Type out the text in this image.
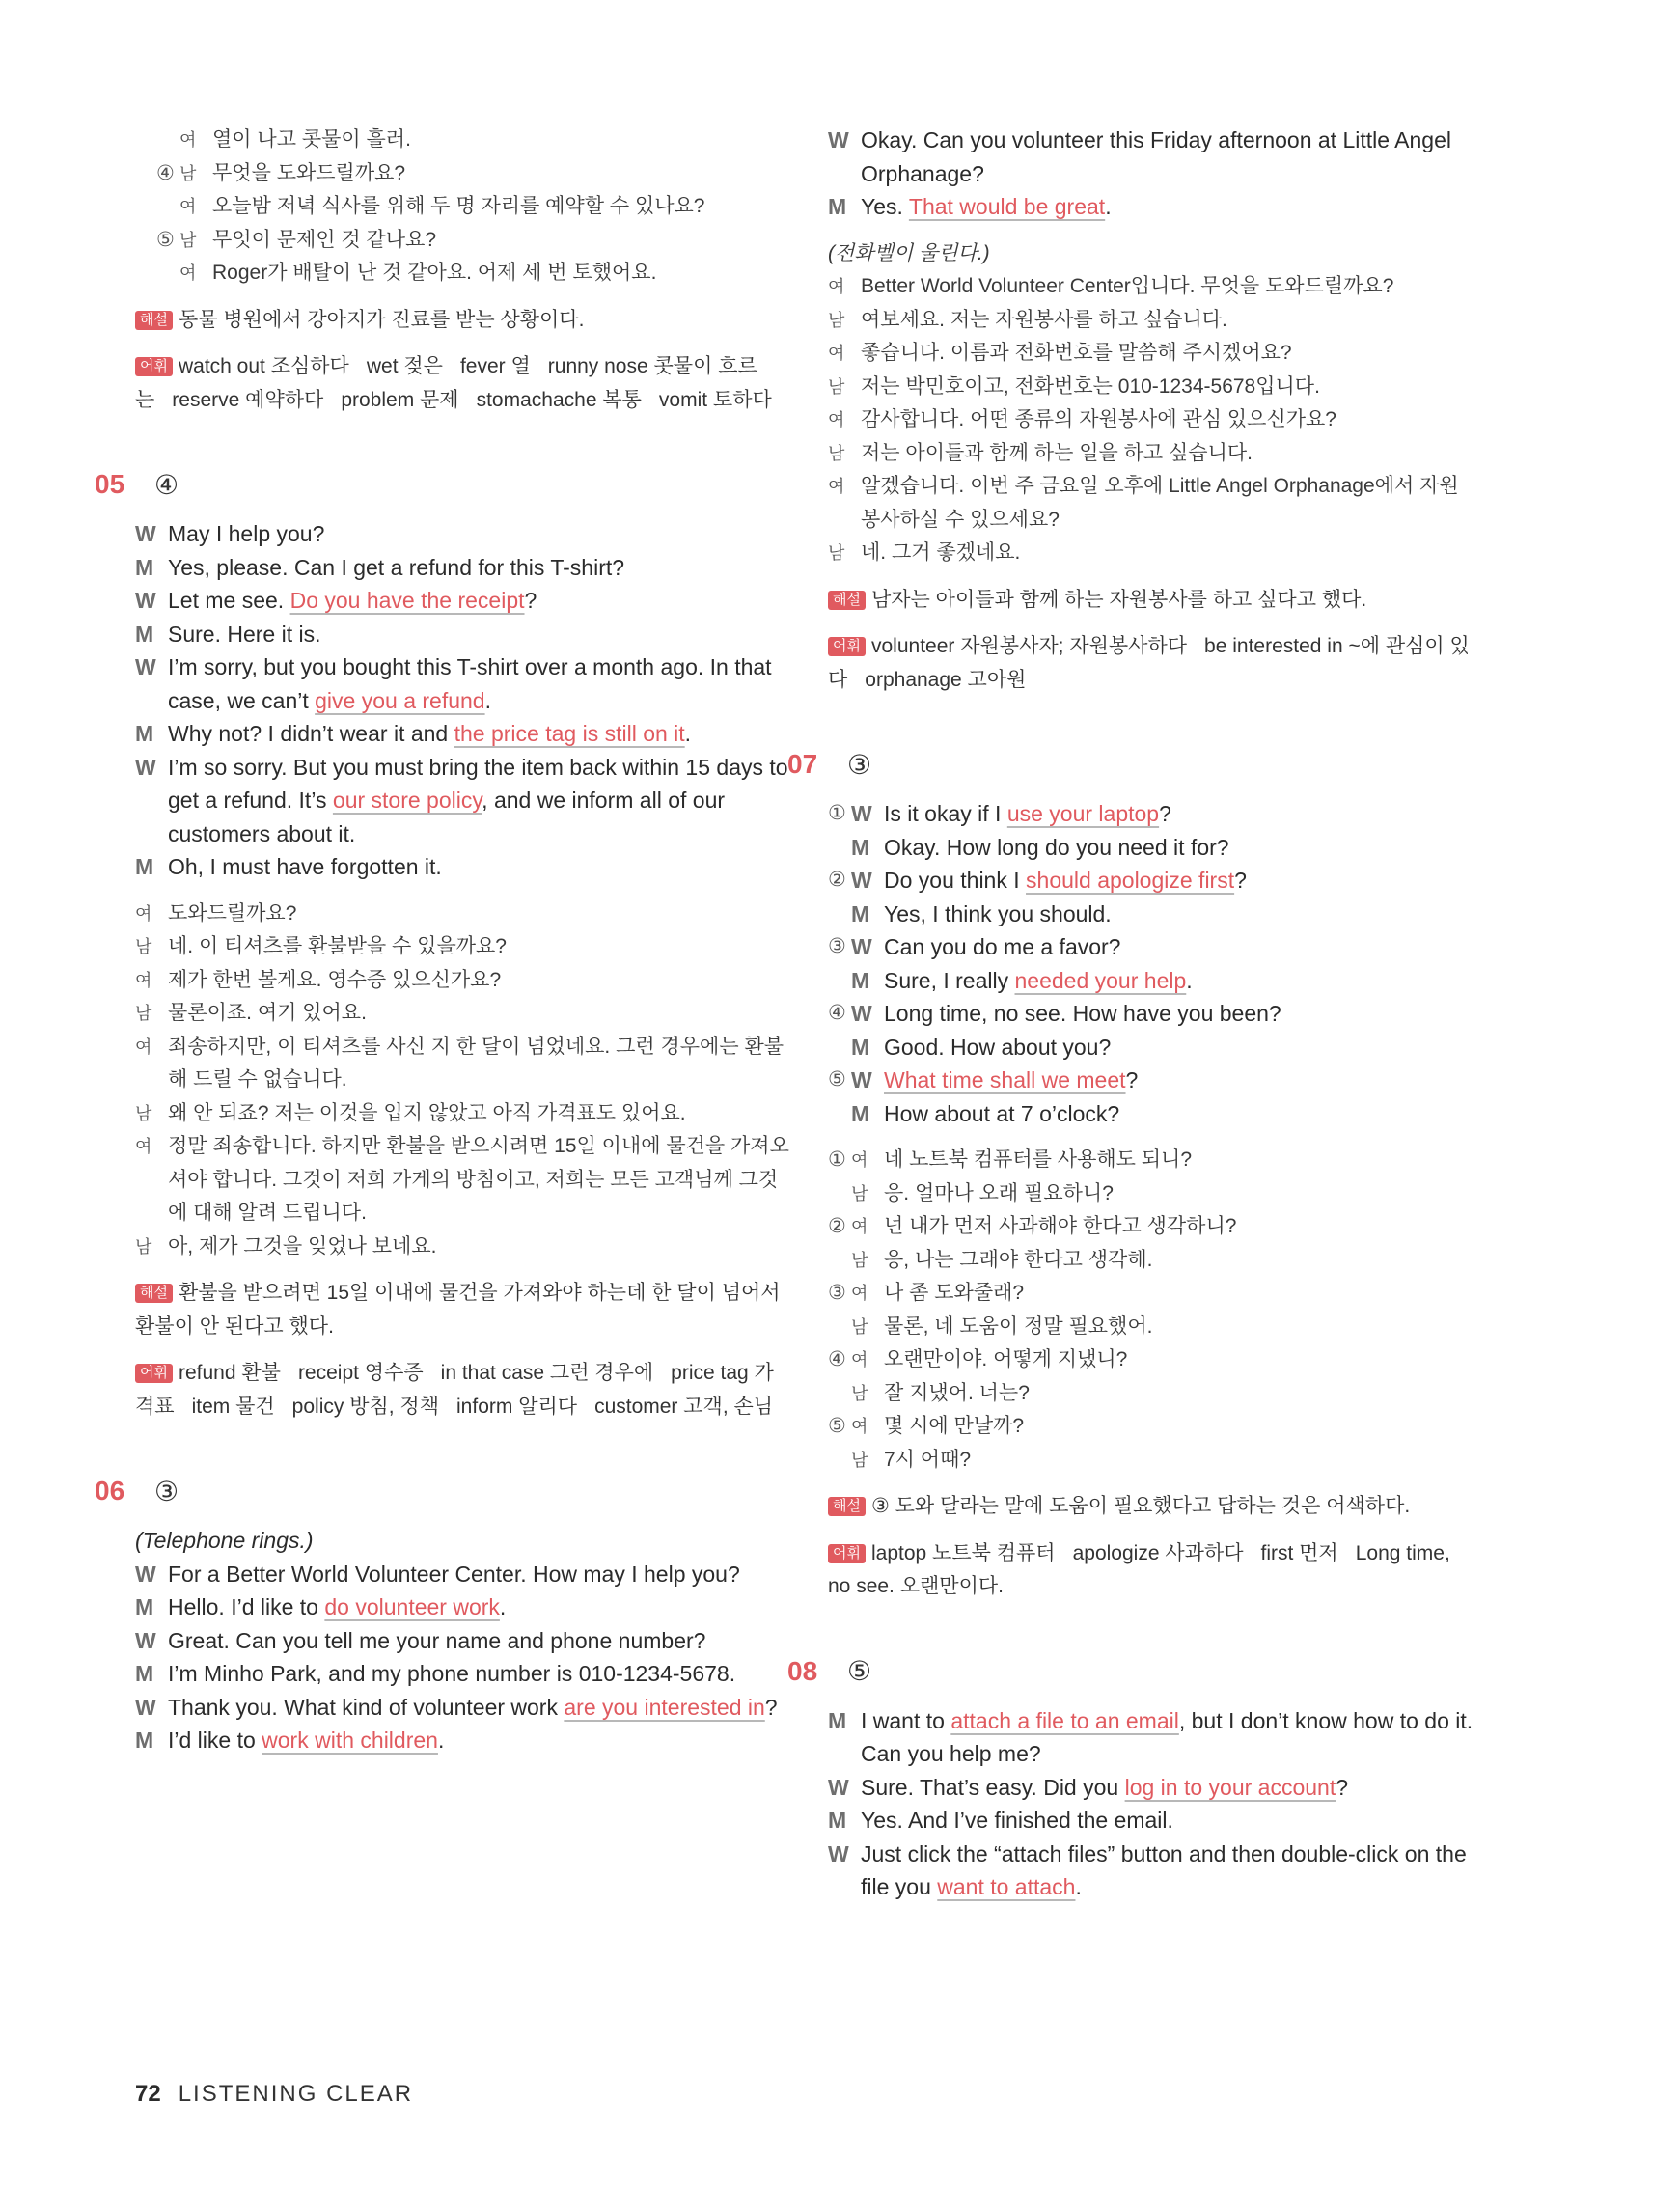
여 열이 나고 콧물이 흘러.
④ 남 무엇을 도와드릴까요?
여 오늘밤 저녁 식사를 위해 두 명 자리를 예약할 수 있나요?
⑤ 남 무엇이 문제인 것 같나요?
여 Roger가 배탈이 난 것 같아요. 어제 세 번 토했어요.
해설 동물 병원에서 강아지가 진료를 받는 상황이다.
어휘 watch out 조심하다 wet 젖은 fever 열 runny nose 콧물이 흐르는 reserve 예약하다 problem 문제 stomachache 복통 vomit 토하다
05	④
W May I help you?
M Yes, please. Can I get a refund for this T-shirt?
W Let me see. Do you have the receipt?
M Sure. Here it is.
W I’m sorry, but you bought this T-shirt over a month ago. In that case, we can’t give you a refund.
M Why not? I didn’t wear it and the price tag is still on it.
W I’m so sorry. But you must bring the item back within 15 days to get a refund. It’s our store policy, and we inform all of our customers about it.
M Oh, I must have forgotten it.
여 도와드릴까요?
남 네. 이 티셔츠를 환불받을 수 있을까요?
여 제가 한번 볼게요. 영수증 있으신가요?
남 물론이죠. 여기 있어요.
여 죄송하지만, 이 티셔츠를 사신 지 한 달이 넘었네요. 그런 경우에는 환불해 드릴 수 없습니다.
남 왜 안 되죠? 저는 이것을 입지 않았고 아직 가격표도 있어요.
여 정말 죄송합니다. 하지만 환불을 받으시려면 15일 이내에 물건을 가져오셔야 합니다. 그것이 저희 가게의 방침이고, 저희는 모든 고객님께 그것에 대해 알려 드립니다.
남 아, 제가 그것을 잊었나 보네요.
해설 환불을 받으려면 15일 이내에 물건을 가져와야 하는데 한 달이 넘어서 환불이 안 된다고 했다.
어휘 refund 환불 receipt 영수증 in that case 그런 경우에 price tag 가격표 item 물건 policy 방침, 정책 inform 알리다 customer 고객, 손님
06	③
(Telephone rings.)
W For a Better World Volunteer Center. How may I help you?
M Hello. I’d like to do volunteer work.
W Great. Can you tell me your name and phone number?
M I’m Minho Park, and my phone number is 010-1234-5678.
W Thank you. What kind of volunteer work are you interested in?
M I’d like to work with children.
W Okay. Can you volunteer this Friday afternoon at Little Angel Orphanage?
M Yes. That would be great.
(전화벨이 울린다.)
여 Better World Volunteer Center입니다. 무엇을 도와드릴까요?
남 여보세요. 저는 자원봉사를 하고 싶습니다.
여 좋습니다. 이름과 전화번호를 말씀해 주시겠어요?
남 저는 박민호이고, 전화번호는 010-1234-5678입니다.
여 감사합니다. 어떤 종류의 자원봉사에 관심 있으신가요?
남 저는 아이들과 함께 하는 일을 하고 싶습니다.
여 알겠습니다. 이번 주 금요일 오후에 Little Angel Orphanage에서 자원봉사하실 수 있으세요?
남 네. 그거 좋겠네요.
해설 남자는 아이들과 함께 하는 자원봉사를 하고 싶다고 했다.
어휘 volunteer 자원봉사자; 자원봉사하다 be interested in ~에 관심이 있다 orphanage 고아원
07	③
① W Is it okay if I use your laptop?
M Okay. How long do you need it for?
② W Do you think I should apologize first?
M Yes, I think you should.
③ W Can you do me a favor?
M Sure, I really needed your help.
④ W Long time, no see. How have you been?
M Good. How about you?
⑤ W What time shall we meet?
M How about at 7 o’clock?
① 여 네 노트북 컴퓨터를 사용해도 되니?
남 응. 얼마나 오래 필요하니?
② 여 넌 내가 먼저 사과해야 한다고 생각하니?
남 응, 나는 그래야 한다고 생각해.
③ 여 나 좀 도와줄래?
남 물론, 네 도움이 정말 필요했어.
④ 여 오랜만이야. 어떻게 지냈니?
남 잘 지냈어. 너는?
⑤ 여 몇 시에 만날까?
남 7시 어때?
해설 ③ 도와 달라는 말에 도움이 필요했다고 답하는 것은 어색하다.
어휘 laptop 노트북 컴퓨터 apologize 사과하다 first 먼저 Long time, no see. 오랜만이다.
08	⑤
M I want to attach a file to an email, but I don’t know how to do it. Can you help me?
W Sure. That’s easy. Did you log in to your account?
M Yes. And I’ve finished the email.
W Just click the “attach files” button and then double-click on the file you want to attach.
72 LISTENING CLEAR
